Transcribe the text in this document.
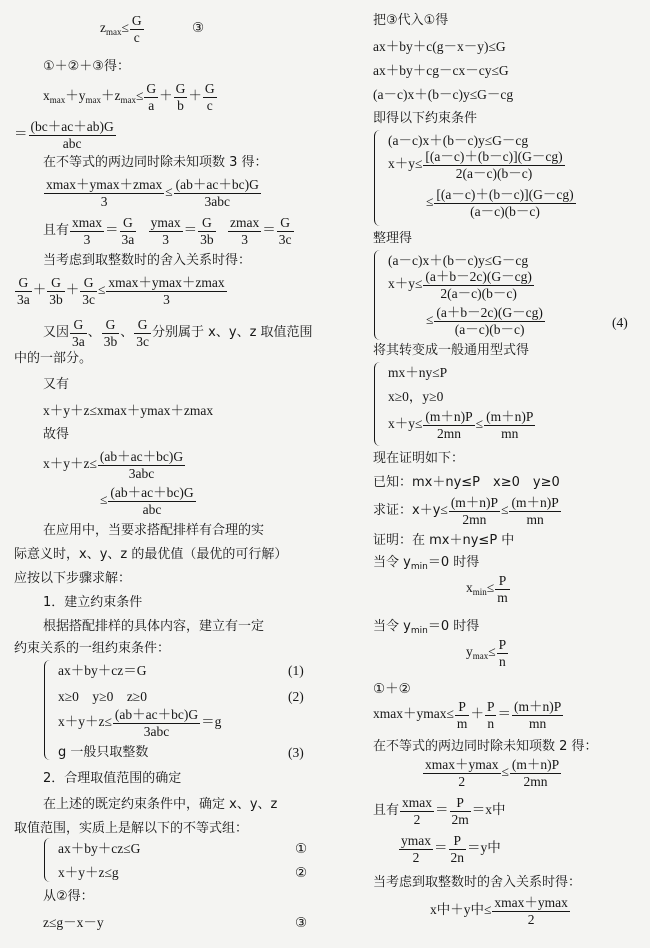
$z_{max}\le \frac{G}{c}$	③
①＋②＋③得：
$x_{max}+y_{max}+z_{max}\le \frac{G}{a} + \frac{G}{b} + \frac{G}{c}$
＝ $\frac{(bc+ac+ab)G}{\text{abc}}$
在不等式的两边同时除未知项数 3 得：
$\frac{xmax+ymax+zmax}{3} \le \frac{(ab+ac+bc)G}{\text{3abc}}$
且有 $\frac{xmax}{3} = \frac{G}{3a}$
$\frac{ymax}{3} = \frac{G}{3b}$
$\frac{zmax}{3} = \frac{G}{3c}$
当考虑到取整数时的舍入关系时得：
$\frac{G}{3a} + \frac{G}{3b} + \frac{G}{3c} \le \frac{xmax+ymax+zmax}{3}$
又因 $\frac{G}{3a}$ 、 $\frac{G}{3b}$ 、 $\frac{G}{3c}$ 分别属于 x、y、z 取值范围
中的一部分。
又有
x＋y＋z≤xmax＋ymax＋zmax
故得
$x+y+z\le \frac{(ab+ac+bc)G}{\text{3abc}}$
≤ $\frac{(ab+ac+bc)G}{\text{abc}}$
在应用中，当要求搭配排样有合理的实
际意义时，x、y、z 的最优值（最优的可行解）
应按以下步骤求解：
1．建立约束条件
根据搭配排样的具体内容，建立有一定
约束关系的一组约束条件：
ax＋by＋cz＝G	(1)
x≥0　y≥0　z≥0	(2)
$x+y+z\le \frac{(ab+ac+bc)G}{\text{3abc}} =g$
g 一般只取整数	(3)
2．合理取值范围的确定
在上述的既定约束条件中，确定 x、y、z
取值范围，实质上是解以下的不等式组：
ax＋by＋cz≤G	①
x＋y＋z≤g	②
从②得：
z≤g－x－y	③
把③代入①得
ax＋by＋c(g－x－y)≤G
ax＋by＋cg－cx－cy≤G
(a－c)x＋(b－c)y≤G－cg
即得以下约束条件
(a－c)x＋(b－c)y≤G－cg
$x+y\le \frac{[(a-c)+(b-c)](G-cg)}{2(a-c)(b-c)}$
≤ $\frac{[(a-c)+(b-c)](G-cg)}{(a-c)(b-c)}$
整理得
(a－c)x＋(b－c)y≤G－cg
$x+y\le \frac{(a+b-2c)(G-cg)}{2(a-c)(b-c)}$
≤ $\frac{(a+b-2c)(G-cg)}{(a-c)(b-c)}$	(4)
将其转变成一般通用型式得
mx＋ny≤P
x≥0，y≥0
$x+y\le \frac{(m+n)P}{2mn} \le \frac{(m+n)P}{mn}$
现在证明如下：
已知：mx＋ny≤P　x≥0　y≥0
求证：$x+y\le \frac{(m+n)P}{2mn} \le \frac{(m+n)P}{mn}$
证明：在 mx＋ny≤P 中
当令 $y_{min}=0$ 时得
$x_{min}\le \frac{P}{m}$
当令 $y_{min}=0$ 时得
$y_{max}\le \frac{P}{n}$
①＋②
$xmax+ymax\le \frac{P}{m} + \frac{P}{n} = \frac{(m+n)P}{mn}$
在不等式的两边同时除未知项数 2 得：
$\frac{xmax+ymax}{2} \le \frac{(m+n)P}{2mn}$
且有 $\frac{xmax}{2} = \frac{P}{2m} =x$中
$\frac{ymax}{2} = \frac{P}{2n} =y$中
当考虑到取整数时的舍入关系时得：
x中＋y中≤ $\frac{xmax+ymax}{2}$
